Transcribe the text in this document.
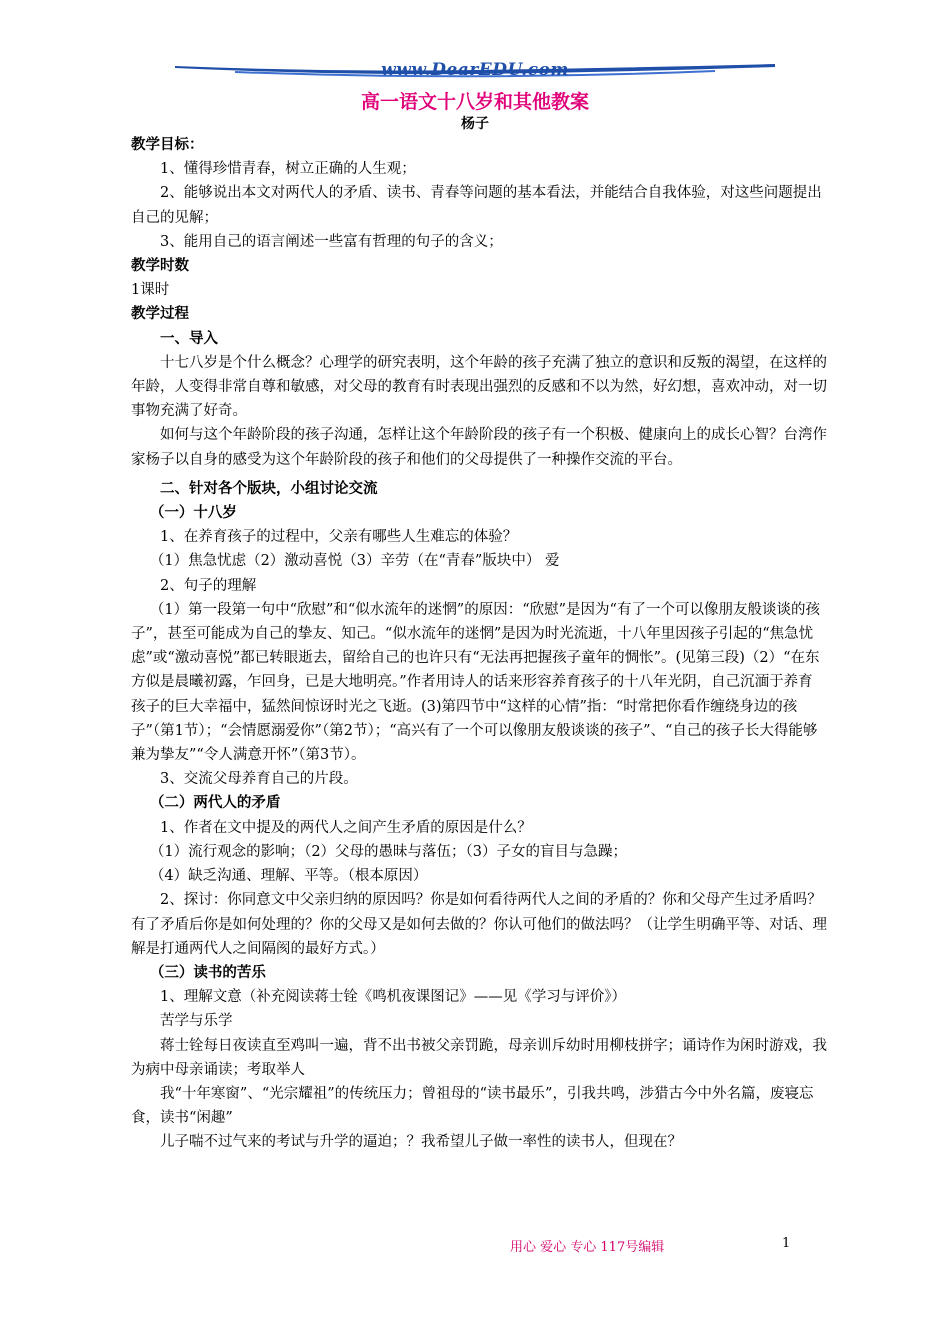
www.DearEDU.com
高一语文十八岁和其他教案
杨子

教学目标：

1、懂得珍惜青春，树立正确的人生观；

2、能够说出本文对两代人的矛盾、读书、青春等问题的基本看法，并能结合自我体验，对这些问题提出自己的见解；

3、能用自己的语言阐述一些富有哲理的句子的含义；

教学时数

1课时

教学过程

一、导入

十七八岁是个什么概念？心理学的研究表明，这个年龄的孩子充满了独立的意识和反叛的渴望，在这样的年龄，人变得非常自尊和敏感，对父母的教育有时表现出强烈的反感和不以为然，好幻想，喜欢冲动，对一切事物充满了好奇。

如何与这个年龄阶段的孩子沟通，怎样让这个年龄阶段的孩子有一个积极、健康向上的成长心智？台湾作家杨子以自身的感受为这个年龄阶段的孩子和他们的父母提供了一种操作交流的平台。

二、针对各个版块，小组讨论交流

（一）十八岁

1、在养育孩子的过程中，父亲有哪些人生难忘的体验？

（1）焦急忧虑（2）激动喜悦（3）辛劳（在“青春”版块中） 爱

2、句子的理解

（1）第一段第一句中“欣慰”和“似水流年的迷惘”的原因：“欣慰”是因为“有了一个可以像朋友般谈谈的孩子”，甚至可能成为自己的挚友、知己。“似水流年的迷惘”是因为时光流逝，十八年里因孩子引起的“焦急忧虑”或“激动喜悦”都已转眼逝去，留给自己的也许只有“无法再把握孩子童年的惆怅”。(见第三段)（2）“在东方似是晨曦初露，乍回身，已是大地明亮。”作者用诗人的话来形容养育孩子的十八年光阴，自己沉湎于养育孩子的巨大幸福中，猛然间惊讶时光之飞逝。(3)第四节中“这样的心情”指：“时常把你看作缠绕身边的孩子”（第1节）；“会情愿溺爱你”（第2节）；“高兴有了一个可以像朋友般谈谈的孩子”、“自己的孩子长大得能够兼为挚友”“令人满意开怀”（第3节）。

3、交流父母养育自己的片段。

（二）两代人的矛盾

1、作者在文中提及的两代人之间产生矛盾的原因是什么？

（1）流行观念的影响；（2）父母的愚昧与落伍；（3）子女的盲目与急躁；

（4）缺乏沟通、理解、平等。（根本原因）

2、探讨：你同意文中父亲归纳的原因吗？你是如何看待两代人之间的矛盾的？你和父母产生过矛盾吗？有了矛盾后你是如何处理的？你的父母又是如何去做的？你认可他们的做法吗？（让学生明确平等、对话、理解是打通两代人之间隔阂的最好方式。）

（三）读书的苦乐

1、理解文意（补充阅读蒋士铨《鸣机夜课图记》——见《学习与评价》）

苦学与乐学

蒋士铨每日夜读直至鸡叫一遍，背不出书被父亲罚跪，母亲训斥幼时用柳枝拼字；诵诗作为闲时游戏，我为病中母亲诵读；考取举人

我“十年寒窗”、“光宗耀祖”的传统压力；曾祖母的“读书最乐”，引我共鸣，涉猎古今中外名篇，废寝忘食，读书“闲趣”

儿子喘不过气来的考试与升学的逼迫；？我希望儿子做一率性的读书人，但现在？

用心 爱心 专心 117号编辑	1
